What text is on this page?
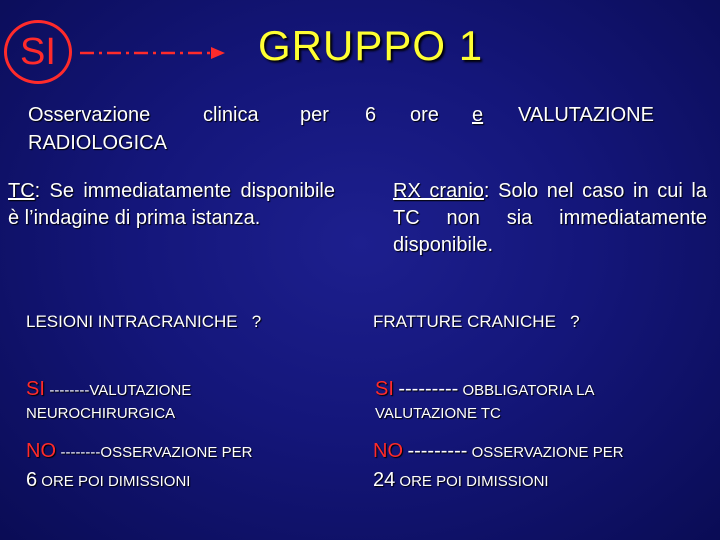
SI	GRUPPO 1
Osservazione	clinica per 6 ore e VALUTAZIONE
RADIOLOGICA
TC: Se immediatamente disponibile è l’indagine di prima istanza.
RX cranio: Solo nel caso in cui la TC non sia immediatamente disponibile.
LESIONI INTRACRANICHE   ?	FRATTURE CRANICHE   ?
SI --------VALUTAZIONE
NEUROCHIRURGICA
NO --------OSSERVAZIONE PER
6 ORE POI DIMISSIONI
SI --------- OBBLIGATORIA LA
VALUTAZIONE TC
NO --------- OSSERVAZIONE PER
24 ORE POI DIMISSIONI
